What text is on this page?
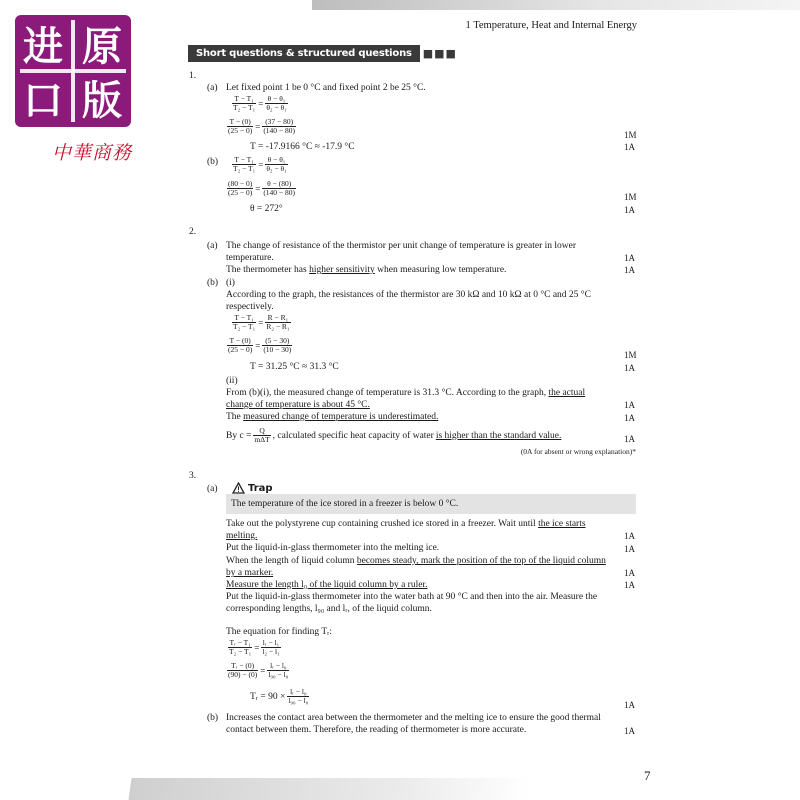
进
口
原
版
中華商務
1 Temperature, Heat and Internal Energy
Short questions & structured questions	■■■
1.
(a) Let fixed point 1 be 0 °C and fixed point 2 be 25 °C.
$\frac{\text{T − T₁}}{\text{T₂ − T₁}} = \frac{\text{θ − θ₁}}{\text{θ₂ − θ₁}}$
$\frac{T - (0)}{(25 - 0)} = \frac{(37 - 80)}{(140 - 80)}$	1M
T = -17.9166 °C ≈ -17.9 °C	1A
$(b) \frac{\text{T − T₁}}{\text{T₂ − T₁}} = \frac{\text{θ − θ₁}}{\text{θ₂ − θ₁}}$
$\frac{(80 - 0)}{(25 - 0)} = \frac{\theta - (80)}{(140 - 80)}$	1M
θ = 272°	1A
2.
(a) The change of resistance of the thermistor per unit change of temperature is greater in lower
temperature.	1A
The thermometer has higher sensitivity when measuring low temperature.	1A
(b) (i)
According to the graph, the resistances of the thermistor are 30 kΩ and 10 kΩ at 0 °C and 25 °C
respectively.
$\frac{\text{T − T₁}}{\text{T₂ − T₁}} = \frac{\text{R − R₁}}{\text{R₂ − R₁}}$
$\frac{T - (0)}{(25 - 0)} = \frac{(5 - 30)}{(10 - 30)}$
1M
T = 31.25 °C ≈ 31.3 °C	1A
(ii)
From (b)(i), the measured change of temperature is 31.3 °C. According to the graph, the actual
change of temperature is about 45 °C.	1A
The measured change of temperature is underestimated.	1A
By $c = \frac{Q}{\text{mΔT}}$ , calculated specific heat capacity of water is higher than the standard value.	1A
(0A for absent or wrong explanation)*
3.
(a)	Trap
The temperature of the ice stored in a freezer is below 0 °C.
Take out the polystyrene cup containing crushed ice stored in a freezer. Wait until the ice starts
melting.	1A
Put the liquid-in-glass thermometer into the melting ice.	1A
When the length of liquid column becomes steady, mark the position of the top of the liquid column
by a marker.	1A
Measure the length l₀ of the liquid column by a ruler.	1A
Put the liquid-in-glass thermometer into the water bath at 90 °C and then into the air. Measure the
corresponding lengths, l₉₀ and lᵣ, of the liquid column.
The equation for finding Tᵣ:
$\frac{\text{Tᵣ − T₁}}{\text{T₂ − T₁}} = \frac{\text{lᵣ − l₁}}{\text{l₂ − l₁}}$
$\frac{\text{Tᵣ − (0)}}{(90) - (0)} = \frac{\text{lᵣ − l₀}}{\text{l₉₀ − l₀}}$
Tᵣ = $90 \times \frac{\text{lᵣ − l₀}}{\text{l₉₀ − l₀}}$	1A
(b) Increases the contact area between the thermometer and the melting ice to ensure the good thermal
contact between them. Therefore, the reading of thermometer is more accurate.	1A
7
